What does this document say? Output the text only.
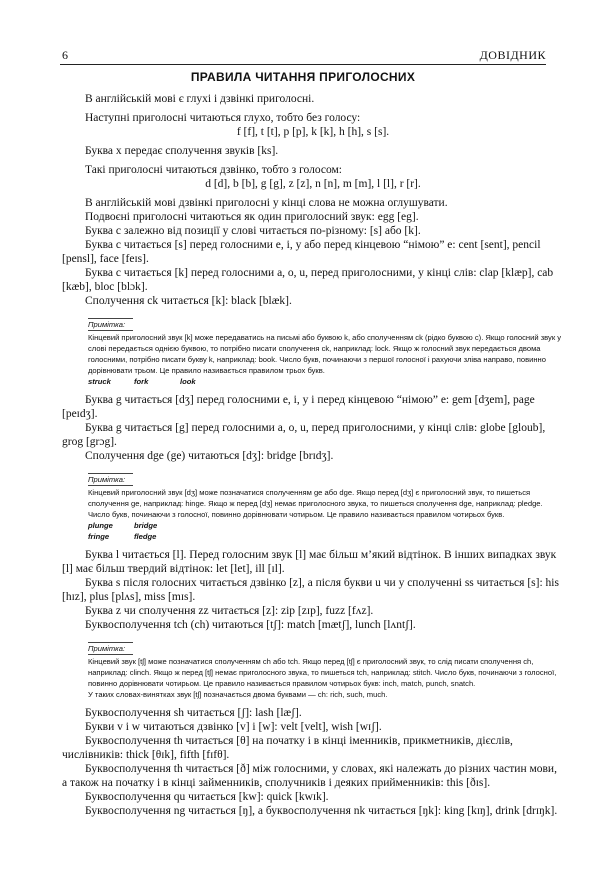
6	ДОВІДНИК
ПРАВИЛА ЧИТАННЯ ПРИГОЛОСНИХ

В англійській мові є глухі і дзвінкі приголосні.

Наступні приголосні читаються глухо, тобто без голосу:

f [f], t [t], p [p], k [k], h [h], s [s].

Буква x передає сполучення звуків [ks].

Такі приголосні читаються дзвінко, тобто з голосом:

d [d], b [b], g [g], z [z], n [n], m [m], l [l], r [r].

В англійській мові дзвінкі приголосні у кінці слова не можна оглушувати.

Подвоєні приголосні читаються як один приголосний звук: egg [eg].

Буква c залежно від позиції у слові читається по-різному: [s] або [k].

Буква c читається [s] перед голосними e, i, y або перед кінцевою “німою” e: cent [sent], pencil [pensl], face [feɪs].

Буква c читається [k] перед голосними a, o, u, перед приголосними, у кінці слів: clap [klæp], cab [kæb], bloc [blɔk].

Сполучення ck читається [k]: black [blæk].

Примітка:

Кінцевий приголосний звук [k] може передаватись на письмі або буквою k, або сполученням ck (рідко буквою c). Якщо голосний звук у слові передається однією буквою, то потрібно писати сполучення ck, наприклад: lock. Якщо ж голосний звук передається двома голосними, потрібно писати букву k, наприклад: book. Число букв, починаючи з першої голосної і рахуючи зліва направо, повинно дорівнювати трьом. Це правило називається правилом трьох букв.

struck	fork	look

Буква g читається [dʒ] перед голосними e, i, y і перед кінцевою “німою” e: gem [dʒem], page [peɪdʒ].

Буква g читається [g] перед голосними a, o, u, перед приголосними, у кінці слів: globe [gloub], grog [grɔg].

Сполучення dge (ge) читаються [dʒ]: bridge [brɪdʒ].

Примітка:

Кінцевий приголосний звук [dʒ] може позначатися сполученням ge або dge. Якщо перед [dʒ] є приголосний звук, то пишеться сполучення ge, наприклад: hinge. Якщо ж перед [dʒ] немає приголосного звука, то пишеться сполучення dge, наприклад: pledge. Число букв, починаючи з голосної, повинно дорівнювати чотирьом. Це правило називається правилом чотирьох букв.

plunge	bridge

fringe	fledge

Буква l читається [l]. Перед голосним звук [l] має більш м’який відтінок. В інших випадках звук [l] має більш твердий відтінок: let [let], ill [ɪl].

Буква s після голосних читається дзвінко [z], а після букви u чи у сполученні ss читається [s]: his [hɪz], plus [plʌs], miss [mɪs].

Буква z чи сполучення zz читається [z]: zip [zɪp], fuzz [fʌz].

Буквосполучення tch (ch) читаються [tʃ]: match [mætʃ], lunch [lʌntʃ].

Примітка:

Кінцевий звук [tʃ] може позначатися сполученням ch або tch. Якщо перед [tʃ] є приголосний звук, то слід писати сполучення ch, наприклад: clinch. Якщо ж перед [tʃ] немає приголосного звука, то пишеться tch, наприклад: stitch. Число букв, починаючи з голосної, повинно дорівнювати чотирьом. Це правило називається правилом чотирьох букв: inch, match, punch, snatch.

У таких словах-винятках звук [tʃ] позначається двома буквами — ch: rich, such, much.

Буквосполучення sh читається [ʃ]: lash [læʃ].

Букви v і w читаються дзвінко [v] і [w]: velt [velt], wish [wɪʃ].

Буквосполучення th читається [θ] на початку і в кінці іменників, прикметників, дієслів, числівників: thick [θɪk], fifth [fɪfθ].

Буквосполучення th читається [ð] між голосними, у словах, які належать до різних частин мови, а також на початку і в кінці займенників, сполучників і деяких прийменників: this [ðɪs].

Буквосполучення qu читається [kw]: quick [kwɪk].

Буквосполучення ng читається [ŋ], а буквосполучення nk читається [ŋk]: king [kɪŋ], drink [drɪŋk].
